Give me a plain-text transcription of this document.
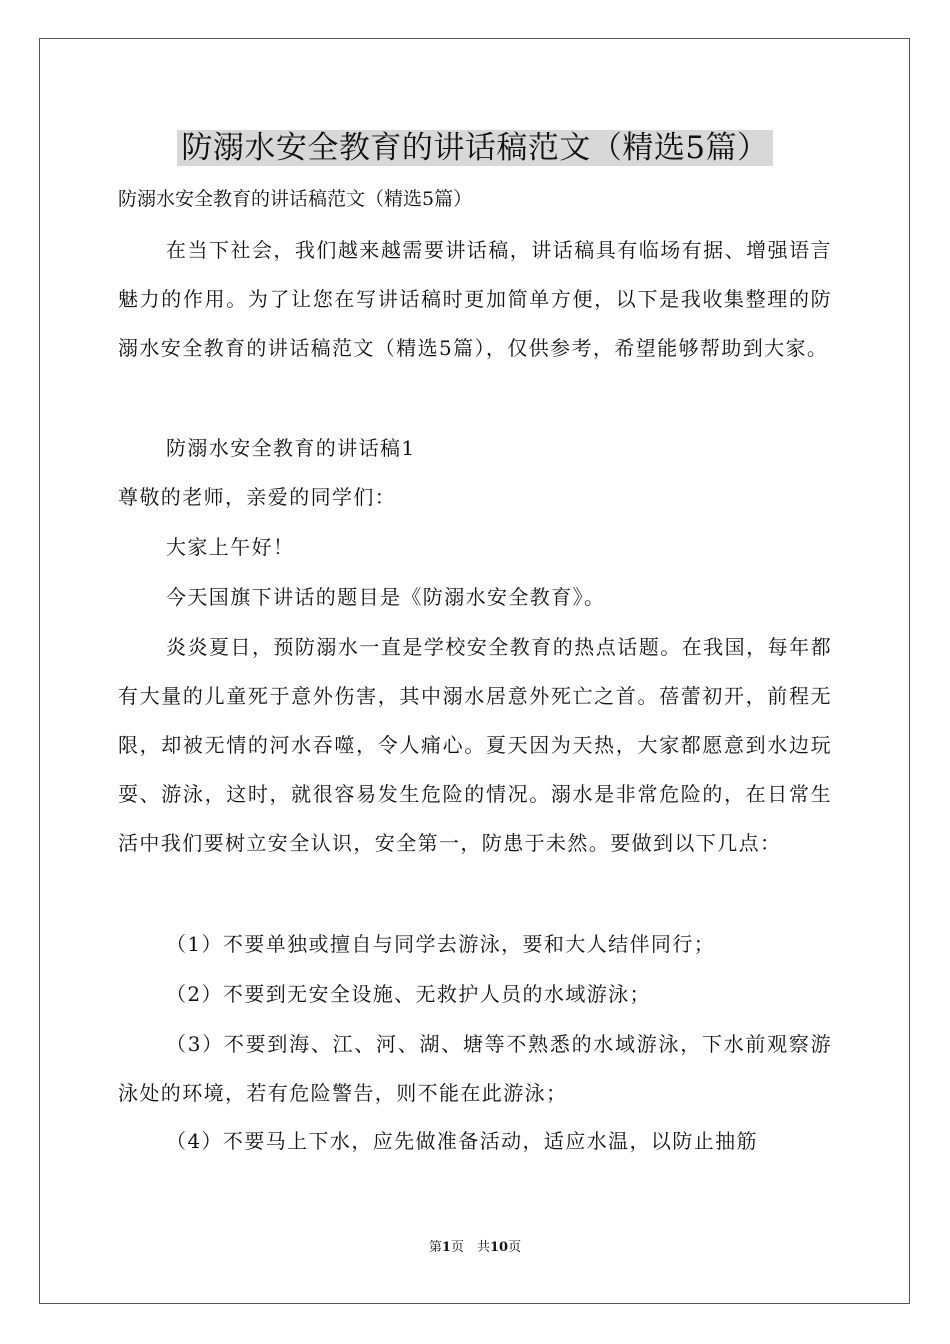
防溺水安全教育的讲话稿范文（精选5篇）
防溺水安全教育的讲话稿范文（精选5篇）

在当下社会，我们越来越需要讲话稿，讲话稿具有临场有据、增强语言魅力的作用。为了让您在写讲话稿时更加简单方便，以下是我收集整理的防溺水安全教育的讲话稿范文（精选5篇），仅供参考，希望能够帮助到大家。

防溺水安全教育的讲话稿1

尊敬的老师，亲爱的同学们：

大家上午好！

今天国旗下讲话的题目是《防溺水安全教育》。

炎炎夏日，预防溺水一直是学校安全教育的热点话题。在我国，每年都有大量的儿童死于意外伤害，其中溺水居意外死亡之首。蓓蕾初开，前程无限，却被无情的河水吞噬，令人痛心。夏天因为天热，大家都愿意到水边玩耍、游泳，这时，就很容易发生危险的情况。溺水是非常危险的，在日常生活中我们要树立安全认识，安全第一，防患于未然。要做到以下几点：

（1）不要单独或擅自与同学去游泳，要和大人结伴同行；

（2）不要到无安全设施、无救护人员的水域游泳；

（3）不要到海、江、河、湖、塘等不熟悉的水域游泳，下水前观察游泳处的环境，若有危险警告，则不能在此游泳；

（4）不要马上下水，应先做准备活动，适应水温，以防止抽筋

第1页　共10页
